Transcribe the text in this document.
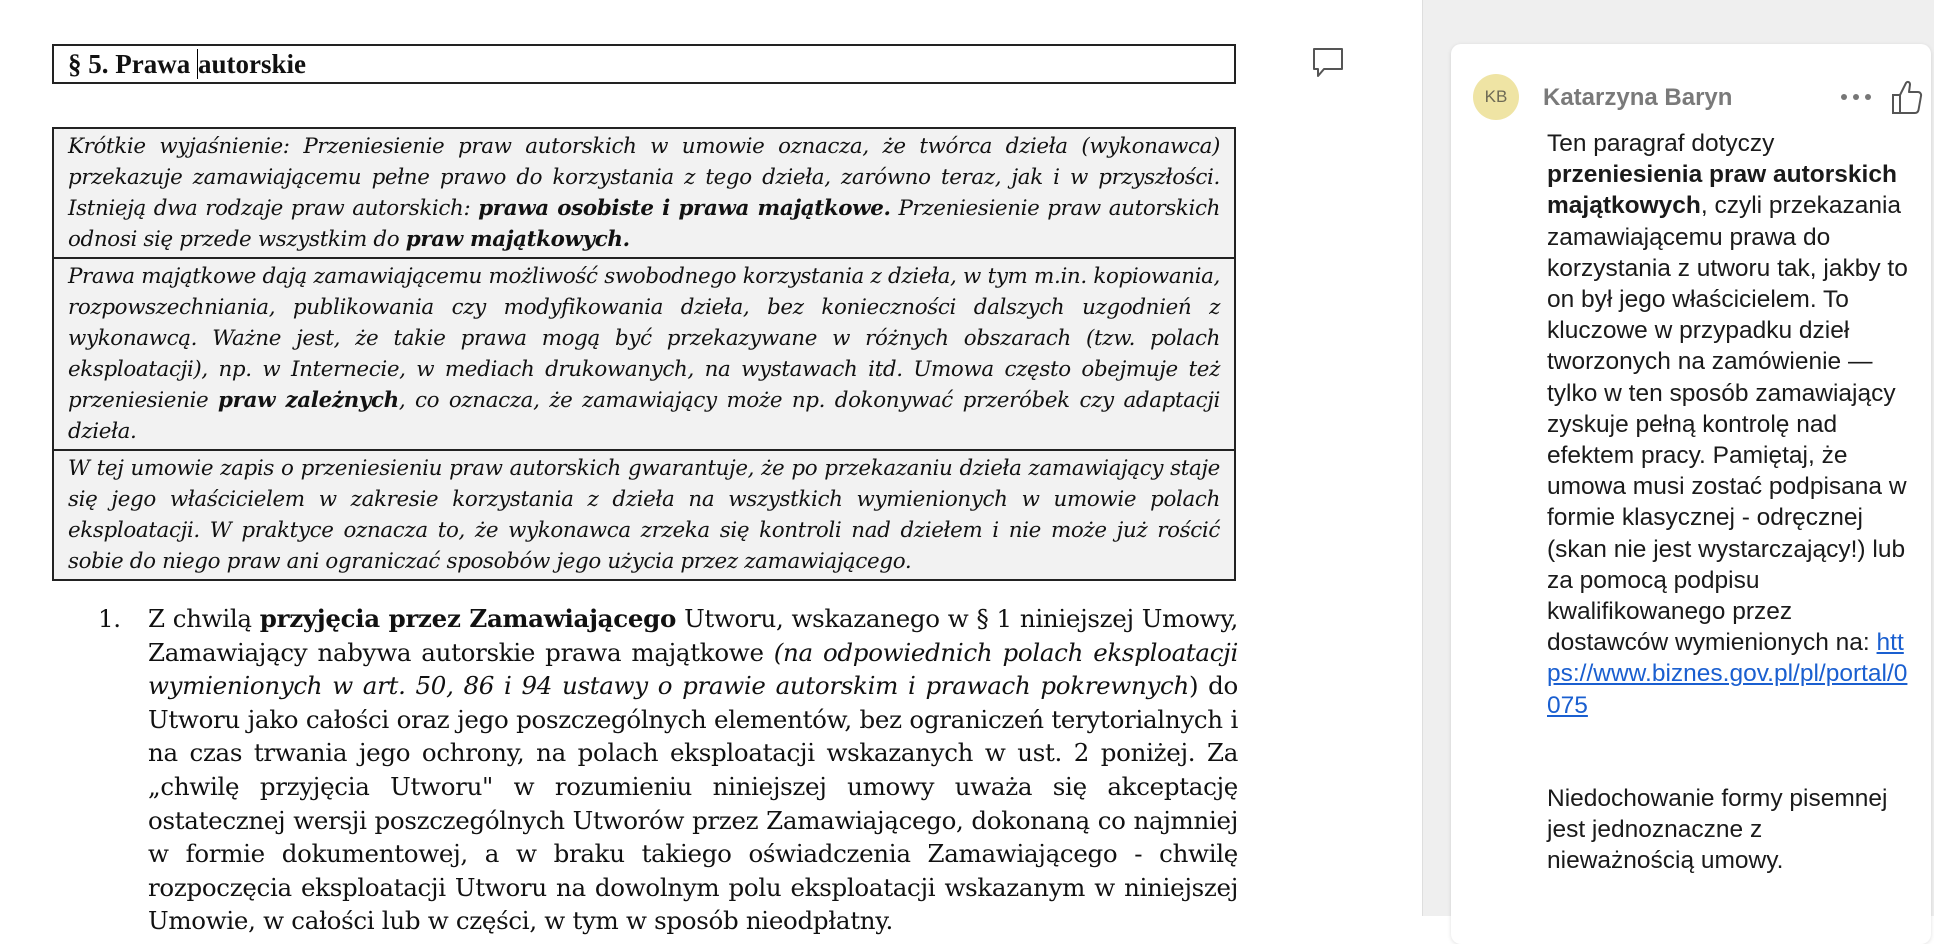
§ 5. Prawa autorskie
Krótkie wyjaśnienie: Przeniesienie praw autorskich w umowie oznacza, że twórca dzieła (wykonawca) przekazuje zamawiającemu pełne prawo do korzystania z tego dzieła, zarówno teraz, jak i w przyszłości. Istnieją dwa rodzaje praw autorskich: prawa osobiste i prawa majątkowe. Przeniesienie praw autorskich odnosi się przede wszystkim do praw majątkowych.
Prawa majątkowe dają zamawiającemu możliwość swobodnego korzystania z dzieła, w tym m.in. kopiowania, rozpowszechniania, publikowania czy modyfikowania dzieła, bez konieczności dalszych uzgodnień z wykonawcą. Ważne jest, że takie prawa mogą być przekazywane w różnych obszarach (tzw. polach eksploatacji), np. w Internecie, w mediach drukowanych, na wystawach itd. Umowa często obejmuje też przeniesienie praw zależnych, co oznacza, że zamawiający może np. dokonywać przeróbek czy adaptacji dzieła.
W tej umowie zapis o przeniesieniu praw autorskich gwarantuje, że po przekazaniu dzieła zamawiający staje się jego właścicielem w zakresie korzystania z dzieła na wszystkich wymienionych w umowie polach eksploatacji. W praktyce oznacza to, że wykonawca zrzeka się kontroli nad dziełem i nie może już rościć sobie do niego praw ani ograniczać sposobów jego użycia przez zamawiającego.
1. Z chwilą przyjęcia przez Zamawiającego Utworu, wskazanego w § 1 niniejszej Umowy, Zamawiający nabywa autorskie prawa majątkowe (na odpowiednich polach eksploatacji wymienionych w art. 50, 86 i 94 ustawy o prawie autorskim i prawach pokrewnych) do Utworu jako całości oraz jego poszczególnych elementów, bez ograniczeń terytorialnych i na czas trwania jego ochrony, na polach eksploatacji wskazanych w ust. 2 poniżej. Za „chwilę przyjęcia Utworu" w rozumieniu niniejszej umowy uważa się akceptację ostatecznej wersji poszczególnych Utworów przez Zamawiającego, dokonaną co najmniej w formie dokumentowej, a w braku takiego oświadczenia Zamawiającego - chwilę rozpoczęcia eksploatacji Utworu na dowolnym polu eksploatacji wskazanym w niniejszej Umowie, w całości lub w części, w tym w sposób nieodpłatny.
KB	Katarzyna Baryn

Ten paragraf dotyczy przeniesienia praw autorskich majątkowych, czyli przekazania zamawiającemu prawa do korzystania z utworu tak, jakby to on był jego właścicielem. To kluczowe w przypadku dzieł tworzonych na zamówienie — tylko w ten sposób zamawiający zyskuje pełną kontrolę nad efektem pracy. Pamiętaj, że umowa musi zostać podpisana w formie klasycznej - odręcznej (skan nie jest wystarczający!) lub za pomocą podpisu kwalifikowanego przez dostawców wymienionych na: https://www.biznes.gov.pl/pl/portal/0075

Niedochowanie formy pisemnej jest jednoznaczne z nieważnością umowy.
